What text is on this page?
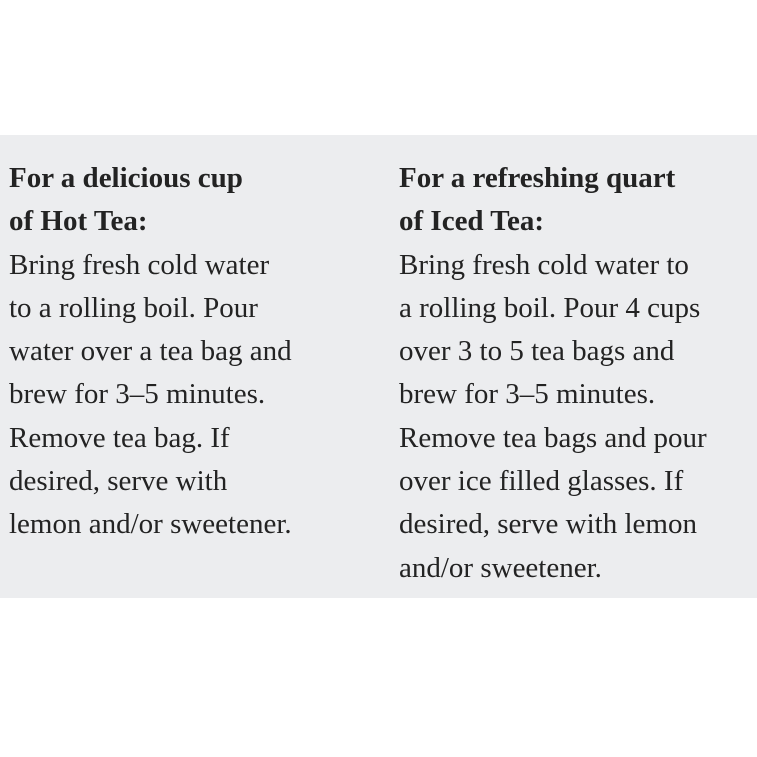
For a delicious cup
of Hot Tea:
Bring fresh cold water
to a rolling boil. Pour
water over a tea bag and
brew for 3–5 minutes.
Remove tea bag. If
desired, serve with
lemon and/or sweetener.
For a refreshing quart
of Iced Tea:
Bring fresh cold water to
a rolling boil. Pour 4 cups
over 3 to 5 tea bags and
brew for 3–5 minutes.
Remove tea bags and pour
over ice filled glasses. If
desired, serve with lemon
and/or sweetener.
